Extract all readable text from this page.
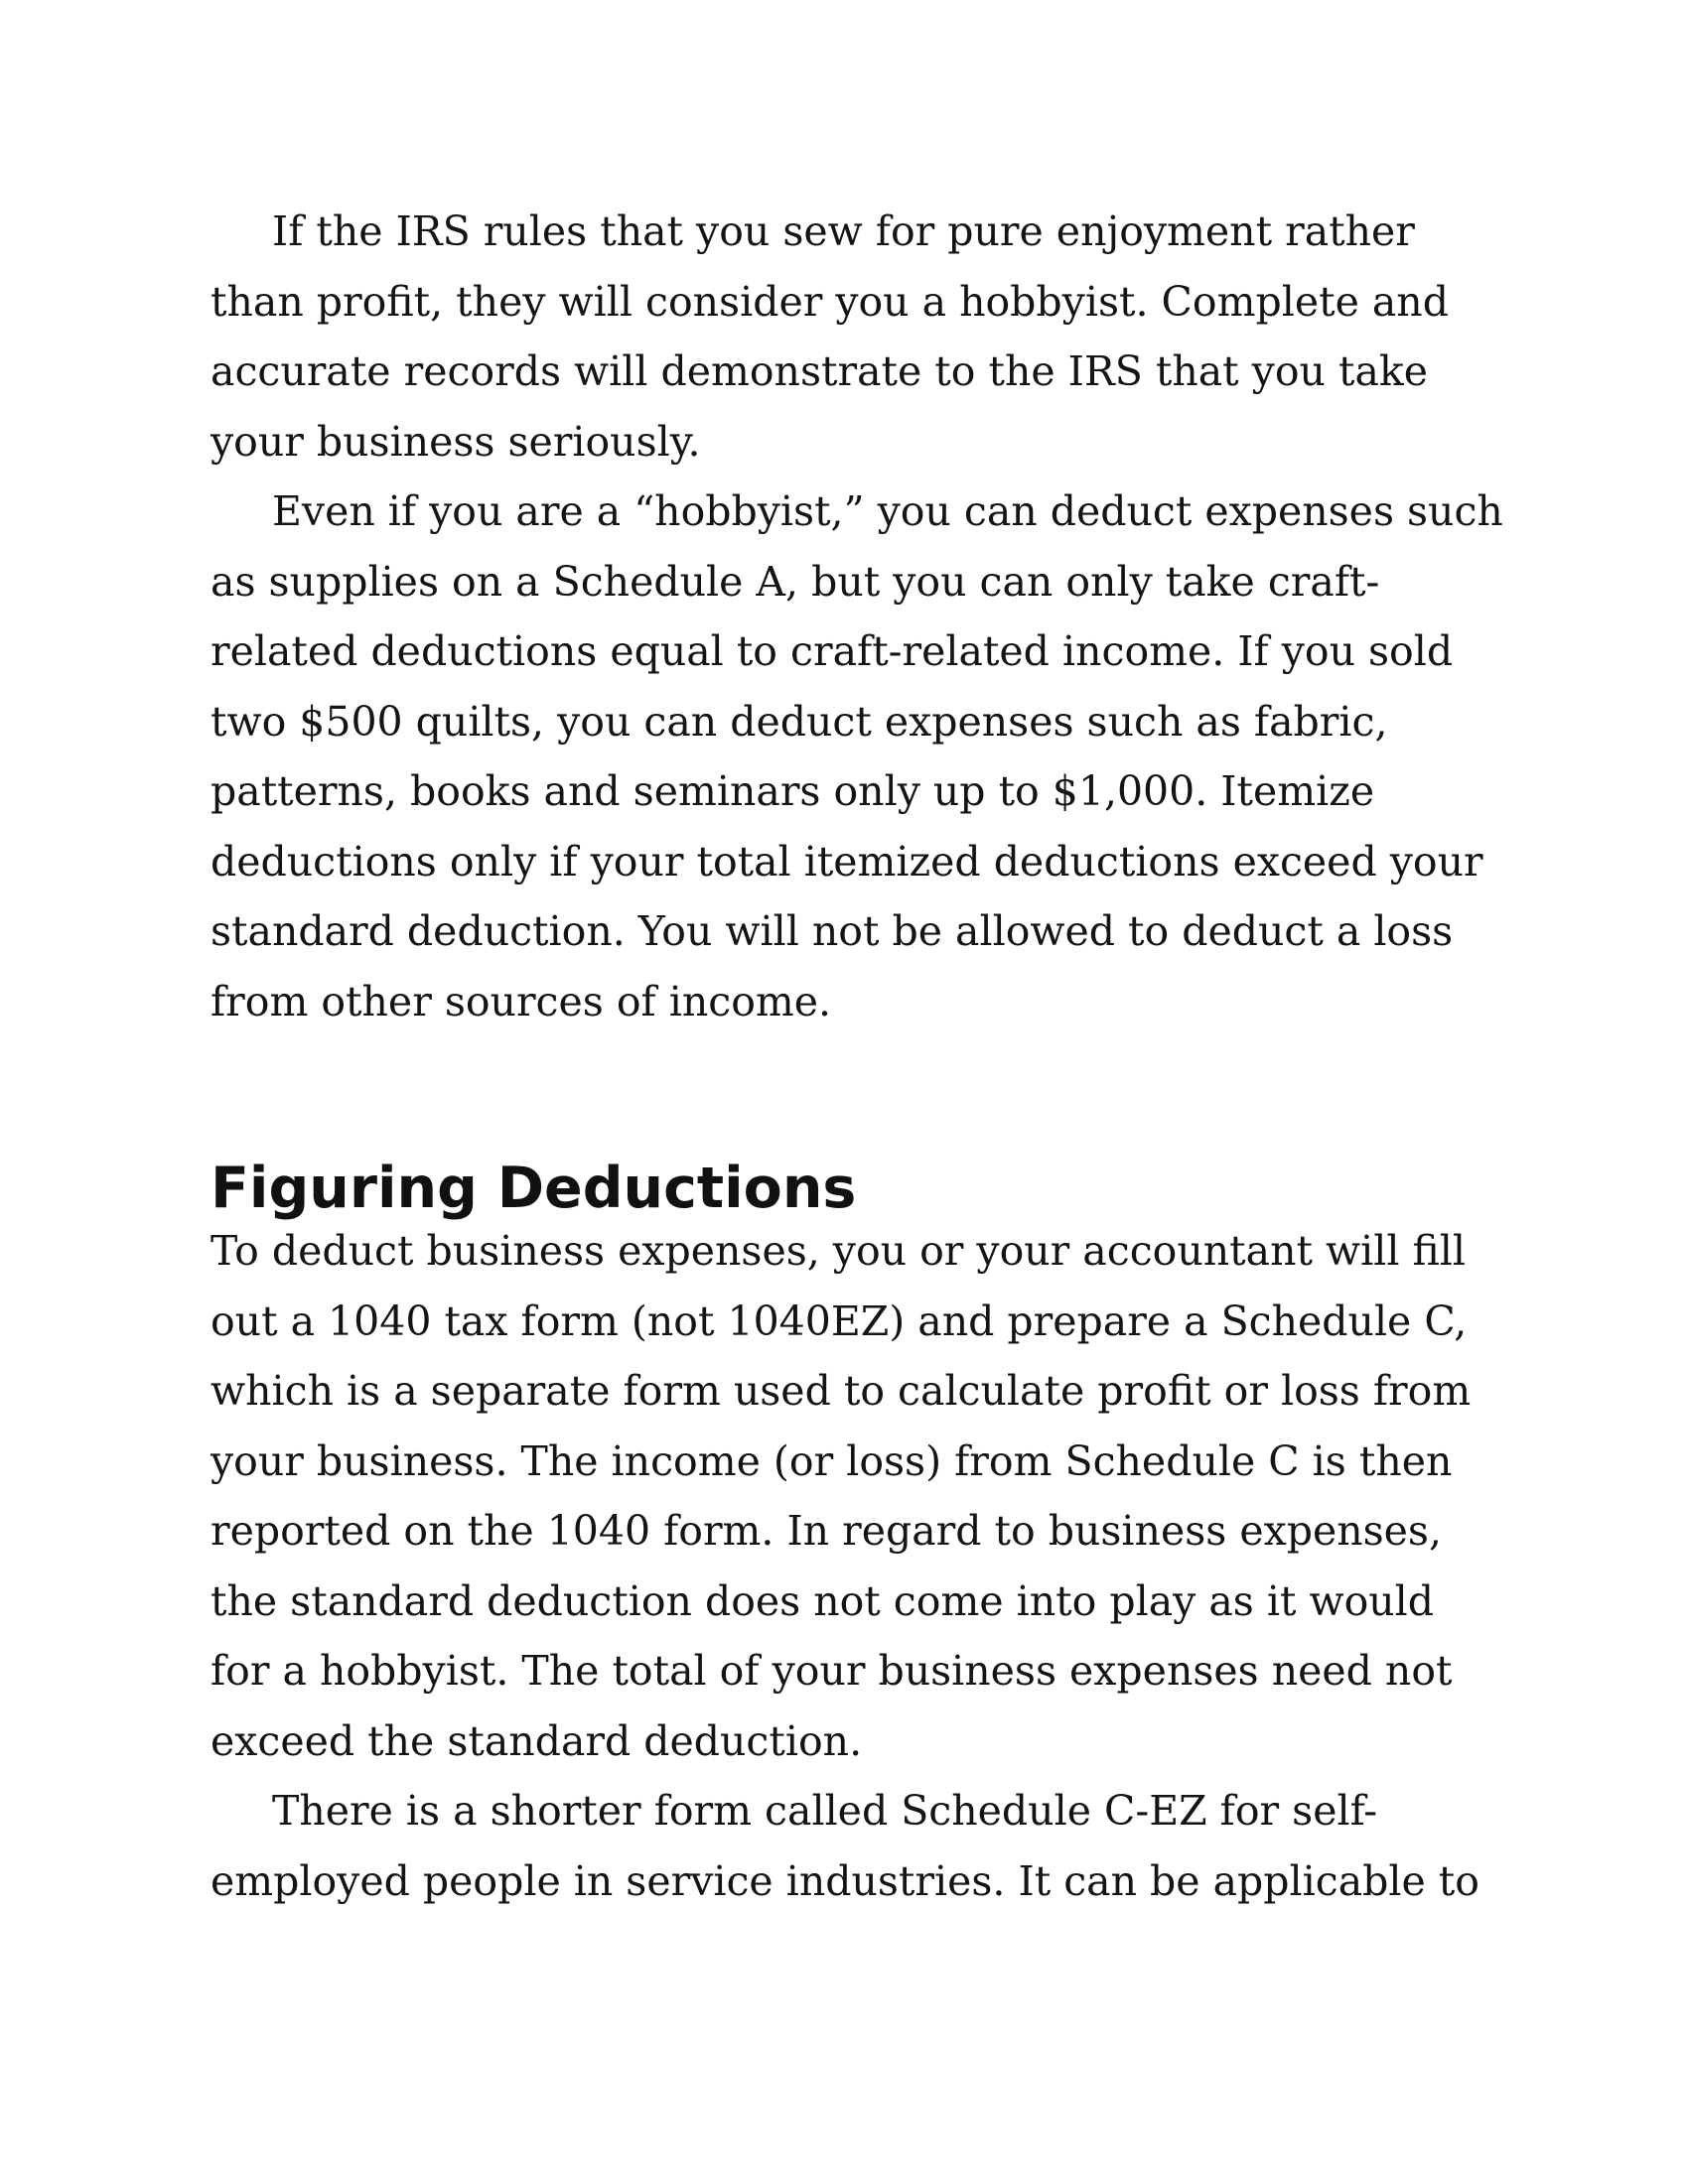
If the IRS rules that you sew for pure enjoyment rather
than profit, they will consider you a hobbyist. Complete and
accurate records will demonstrate to the IRS that you take
your business seriously.
Even if you are a “hobbyist,” you can deduct expenses such
as supplies on a Schedule A, but you can only take craft-
related deductions equal to craft-related income. If you sold
two $500 quilts, you can deduct expenses such as fabric,
patterns, books and seminars only up to $1,000. Itemize
deductions only if your total itemized deductions exceed your
standard deduction. You will not be allowed to deduct a loss
from other sources of income.
Figuring Deductions
To deduct business expenses, you or your accountant will fill
out a 1040 tax form (not 1040EZ) and prepare a Schedule C,
which is a separate form used to calculate profit or loss from
your business. The income (or loss) from Schedule C is then
reported on the 1040 form. In regard to business expenses,
the standard deduction does not come into play as it would
for a hobbyist. The total of your business expenses need not
exceed the standard deduction.
There is a shorter form called Schedule C-EZ for self-
employed people in service industries. It can be applicable to
